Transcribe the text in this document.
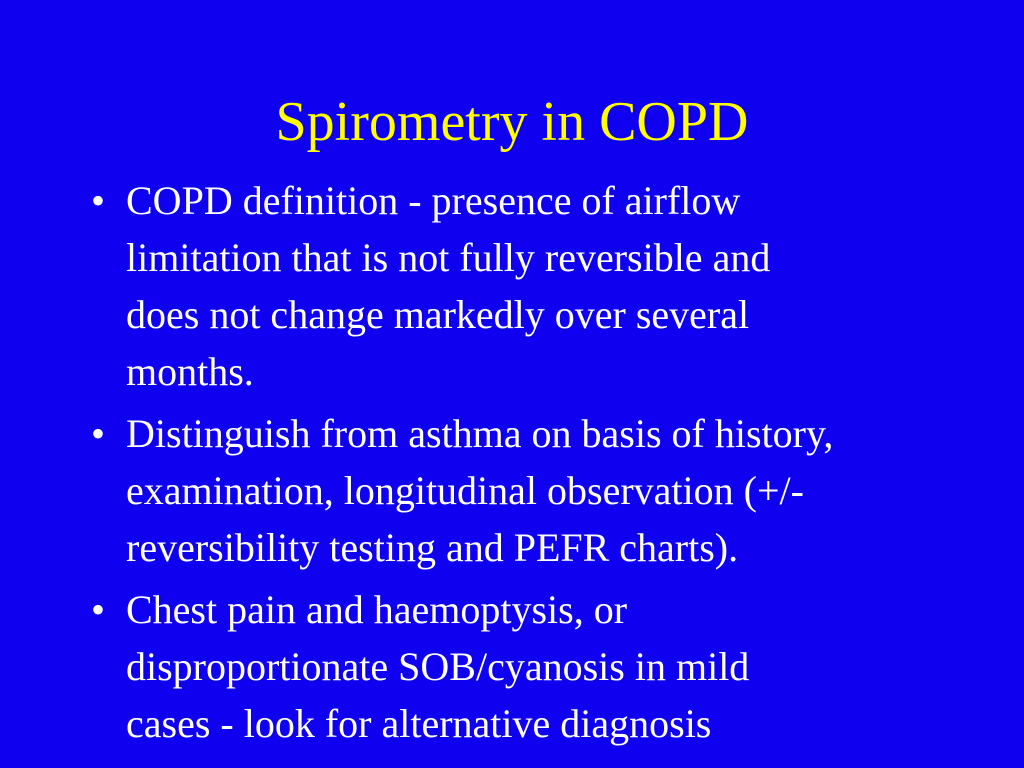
Spirometry in COPD
• COPD definition - presence of airflow
limitation that is not fully reversible and
does not change markedly over several
months.
• Distinguish from asthma on basis of history,
examination, longitudinal observation (+/-
reversibility testing and PEFR charts).
• Chest pain and haemoptysis, or
disproportionate SOB/cyanosis in mild
cases - look for alternative diagnosis
